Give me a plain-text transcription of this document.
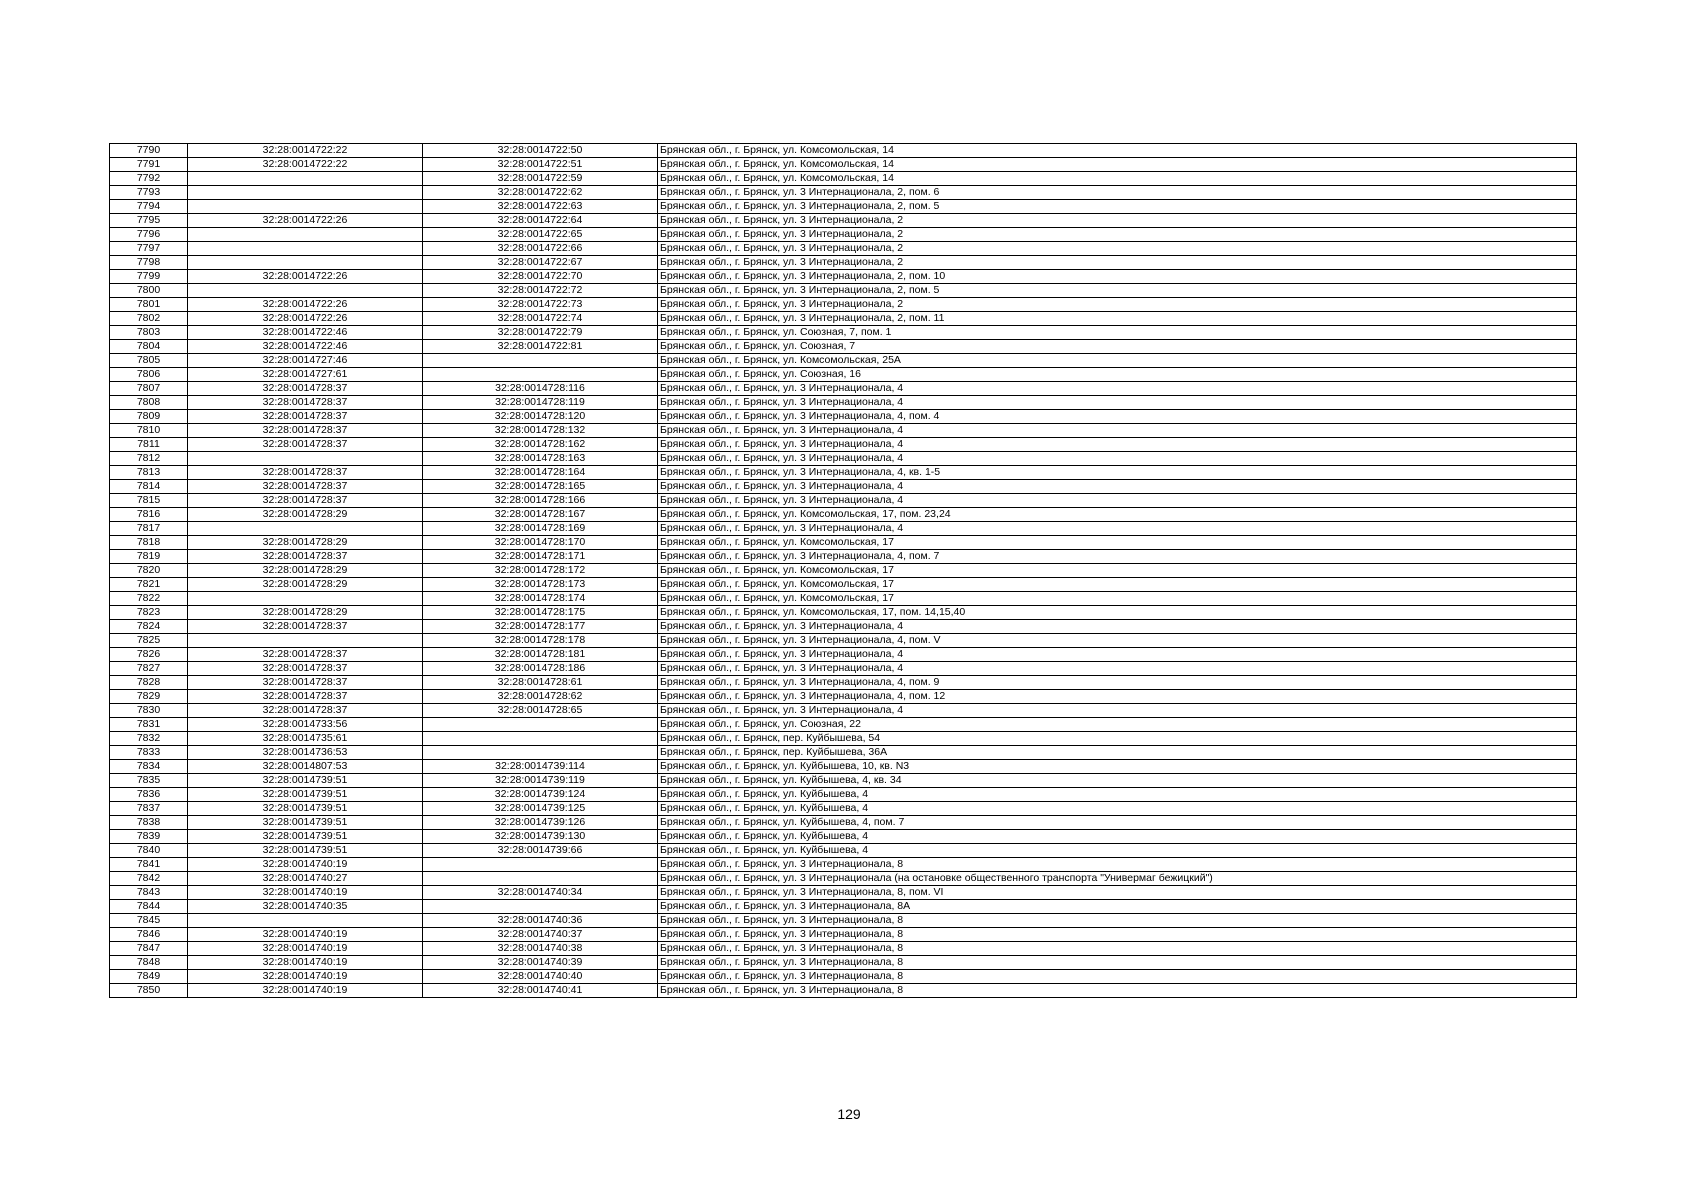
7790	32:28:0014722:22	32:28:0014722:50	Брянская обл., г. Брянск, ул. Комсомольская, 14
7791	32:28:0014722:22	32:28:0014722:51	Брянская обл., г. Брянск, ул. Комсомольская, 14
7792		32:28:0014722:59	Брянская обл., г. Брянск, ул. Комсомольская, 14
7793		32:28:0014722:62	Брянская обл., г. Брянск, ул. 3 Интернационала, 2, пом. 6
7794		32:28:0014722:63	Брянская обл., г. Брянск, ул. 3 Интернационала, 2, пом. 5
7795	32:28:0014722:26	32:28:0014722:64	Брянская обл., г. Брянск, ул. 3 Интернационала, 2
7796		32:28:0014722:65	Брянская обл., г. Брянск, ул. 3 Интернационала, 2
7797		32:28:0014722:66	Брянская обл., г. Брянск, ул. 3 Интернационала, 2
7798		32:28:0014722:67	Брянская обл., г. Брянск, ул. 3 Интернационала, 2
7799	32:28:0014722:26	32:28:0014722:70	Брянская обл., г. Брянск, ул. 3 Интернационала, 2, пом. 10
7800		32:28:0014722:72	Брянская обл., г. Брянск, ул. 3 Интернационала, 2, пом. 5
7801	32:28:0014722:26	32:28:0014722:73	Брянская обл., г. Брянск, ул. 3 Интернационала, 2
7802	32:28:0014722:26	32:28:0014722:74	Брянская обл., г. Брянск, ул. 3 Интернационала, 2, пом. 11
7803	32:28:0014722:46	32:28:0014722:79	Брянская обл., г. Брянск, ул. Союзная, 7, пом. 1
7804	32:28:0014722:46	32:28:0014722:81	Брянская обл., г. Брянск, ул. Союзная, 7
7805	32:28:0014727:46		Брянская обл., г. Брянск, ул. Комсомольская, 25А
7806	32:28:0014727:61		Брянская обл., г. Брянск, ул. Союзная, 16
7807	32:28:0014728:37	32:28:0014728:116	Брянская обл., г. Брянск, ул. 3 Интернационала, 4
7808	32:28:0014728:37	32:28:0014728:119	Брянская обл., г. Брянск, ул. 3 Интернационала, 4
7809	32:28:0014728:37	32:28:0014728:120	Брянская обл., г. Брянск, ул. 3 Интернационала, 4, пом. 4
7810	32:28:0014728:37	32:28:0014728:132	Брянская обл., г. Брянск, ул. 3 Интернационала, 4
7811	32:28:0014728:37	32:28:0014728:162	Брянская обл., г. Брянск, ул. 3 Интернационала, 4
7812		32:28:0014728:163	Брянская обл., г. Брянск, ул. 3 Интернационала, 4
7813	32:28:0014728:37	32:28:0014728:164	Брянская обл., г. Брянск, ул. 3 Интернационала, 4, кв. 1-5
7814	32:28:0014728:37	32:28:0014728:165	Брянская обл., г. Брянск, ул. 3 Интернационала, 4
7815	32:28:0014728:37	32:28:0014728:166	Брянская обл., г. Брянск, ул. 3 Интернационала, 4
7816	32:28:0014728:29	32:28:0014728:167	Брянская обл., г. Брянск, ул. Комсомольская, 17, пом. 23,24
7817		32:28:0014728:169	Брянская обл., г. Брянск, ул. 3 Интернационала, 4
7818	32:28:0014728:29	32:28:0014728:170	Брянская обл., г. Брянск, ул. Комсомольская, 17
7819	32:28:0014728:37	32:28:0014728:171	Брянская обл., г. Брянск, ул. 3 Интернационала, 4, пом. 7
7820	32:28:0014728:29	32:28:0014728:172	Брянская обл., г. Брянск, ул. Комсомольская, 17
7821	32:28:0014728:29	32:28:0014728:173	Брянская обл., г. Брянск, ул. Комсомольская, 17
7822		32:28:0014728:174	Брянская обл., г. Брянск, ул. Комсомольская, 17
7823	32:28:0014728:29	32:28:0014728:175	Брянская обл., г. Брянск, ул. Комсомольская, 17, пом. 14,15,40
7824	32:28:0014728:37	32:28:0014728:177	Брянская обл., г. Брянск, ул. 3 Интернационала, 4
7825		32:28:0014728:178	Брянская обл., г. Брянск, ул. 3 Интернационала, 4, пом. V
7826	32:28:0014728:37	32:28:0014728:181	Брянская обл., г. Брянск, ул. 3 Интернационала, 4
7827	32:28:0014728:37	32:28:0014728:186	Брянская обл., г. Брянск, ул. 3 Интернационала, 4
7828	32:28:0014728:37	32:28:0014728:61	Брянская обл., г. Брянск, ул. 3 Интернационала, 4, пом. 9
7829	32:28:0014728:37	32:28:0014728:62	Брянская обл., г. Брянск, ул. 3 Интернационала, 4, пом. 12
7830	32:28:0014728:37	32:28:0014728:65	Брянская обл., г. Брянск, ул. 3 Интернационала, 4
7831	32:28:0014733:56		Брянская обл., г. Брянск, ул. Союзная, 22
7832	32:28:0014735:61		Брянская обл., г. Брянск, пер. Куйбышева, 54
7833	32:28:0014736:53		Брянская обл., г. Брянск, пер. Куйбышева, 36А
7834	32:28:0014807:53	32:28:0014739:114	Брянская обл., г. Брянск, ул. Куйбышева, 10, кв. N3
7835	32:28:0014739:51	32:28:0014739:119	Брянская обл., г. Брянск, ул. Куйбышева, 4, кв. 34
7836	32:28:0014739:51	32:28:0014739:124	Брянская обл., г. Брянск, ул. Куйбышева, 4
7837	32:28:0014739:51	32:28:0014739:125	Брянская обл., г. Брянск, ул. Куйбышева, 4
7838	32:28:0014739:51	32:28:0014739:126	Брянская обл., г. Брянск, ул. Куйбышева, 4, пом. 7
7839	32:28:0014739:51	32:28:0014739:130	Брянская обл., г. Брянск, ул. Куйбышева, 4
7840	32:28:0014739:51	32:28:0014739:66	Брянская обл., г. Брянск, ул. Куйбышева, 4
7841	32:28:0014740:19		Брянская обл., г. Брянск, ул. 3 Интернационала, 8
7842	32:28:0014740:27		Брянская обл., г. Брянск, ул. 3 Интернационала (на остановке общественного транспорта "Универмаг бежицкий")
7843	32:28:0014740:19	32:28:0014740:34	Брянская обл., г. Брянск, ул. 3 Интернационала, 8, пом. VI
7844	32:28:0014740:35		Брянская обл., г. Брянск, ул. 3 Интернационала, 8А
7845		32:28:0014740:36	Брянская обл., г. Брянск, ул. 3 Интернационала, 8
7846	32:28:0014740:19	32:28:0014740:37	Брянская обл., г. Брянск, ул. 3 Интернационала, 8
7847	32:28:0014740:19	32:28:0014740:38	Брянская обл., г. Брянск, ул. 3 Интернационала, 8
7848	32:28:0014740:19	32:28:0014740:39	Брянская обл., г. Брянск, ул. 3 Интернационала, 8
7849	32:28:0014740:19	32:28:0014740:40	Брянская обл., г. Брянск, ул. 3 Интернационала, 8
7850	32:28:0014740:19	32:28:0014740:41	Брянская обл., г. Брянск, ул. 3 Интернационала, 8
129
